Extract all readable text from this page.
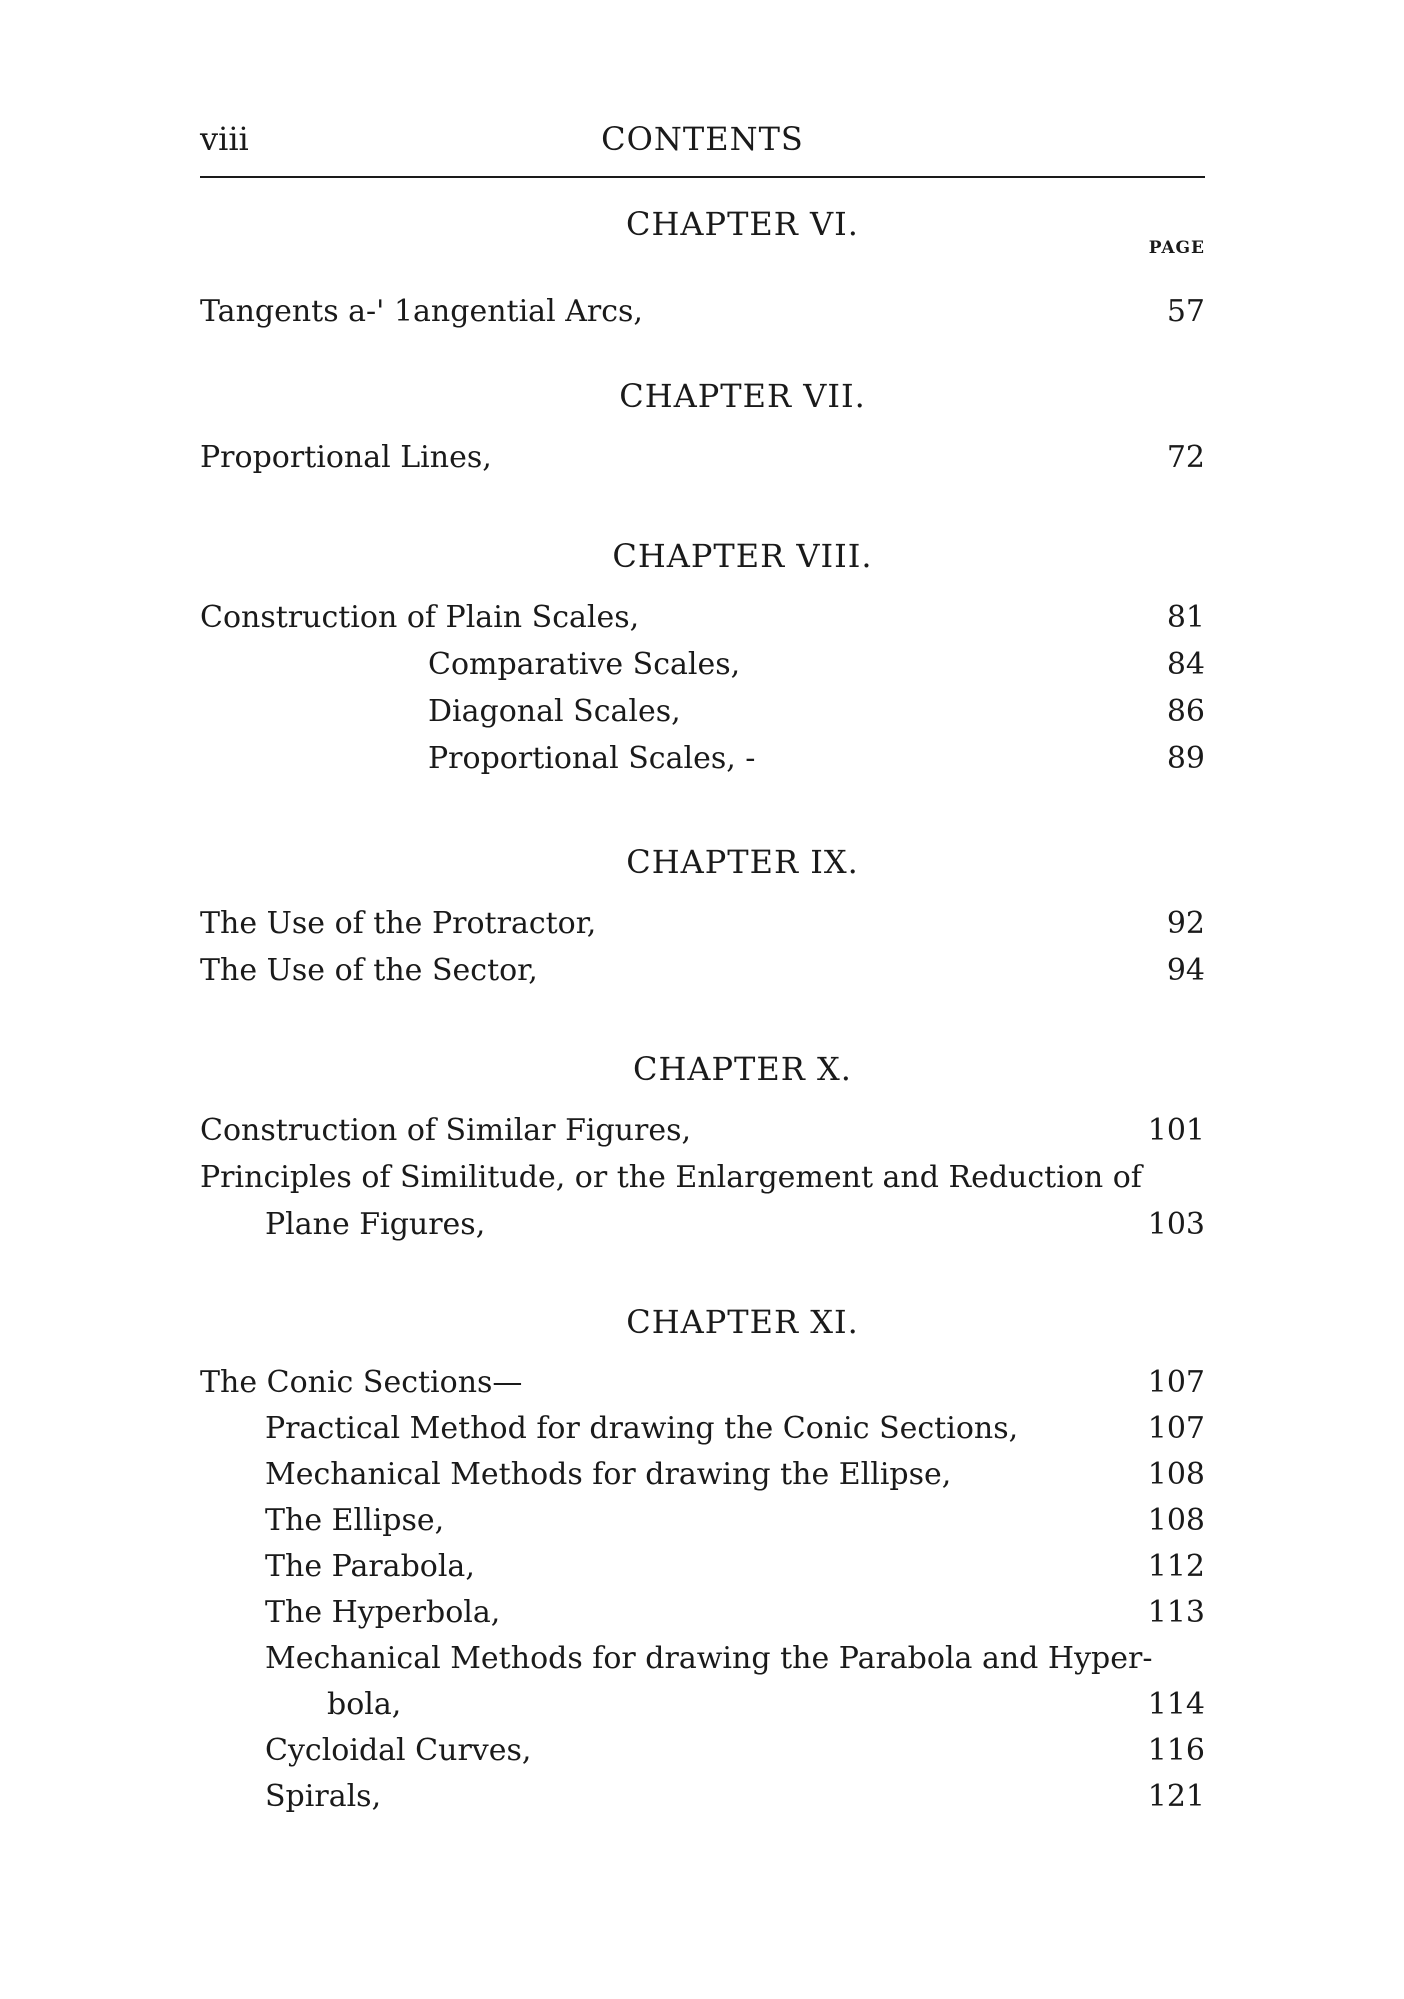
viii	CONTENTS
CHAPTER VI.
PAGE
Tangents a-' 1angential Arcs,	57
CHAPTER VII.
Proportional Lines,	72
CHAPTER VIII.
Construction of Plain Scales,	81
Comparative Scales,	84
Diagonal Scales,	86
Proportional Scales, -	89
CHAPTER IX.
The Use of the Protractor,	92
The Use of the Sector,	94
CHAPTER X.
Construction of Similar Figures,	101
Principles of Similitude, or the Enlargement and Reduction of
Plane Figures,	103
CHAPTER XI.
The Conic Sections—	107
Practical Method for drawing the Conic Sections,	107
Mechanical Methods for drawing the Ellipse,	108
The Ellipse,	108
The Parabola,	112
The Hyperbola,	113
Mechanical Methods for drawing the Parabola and Hyper-
bola,	114
Cycloidal Curves,	116
Spirals,	121
